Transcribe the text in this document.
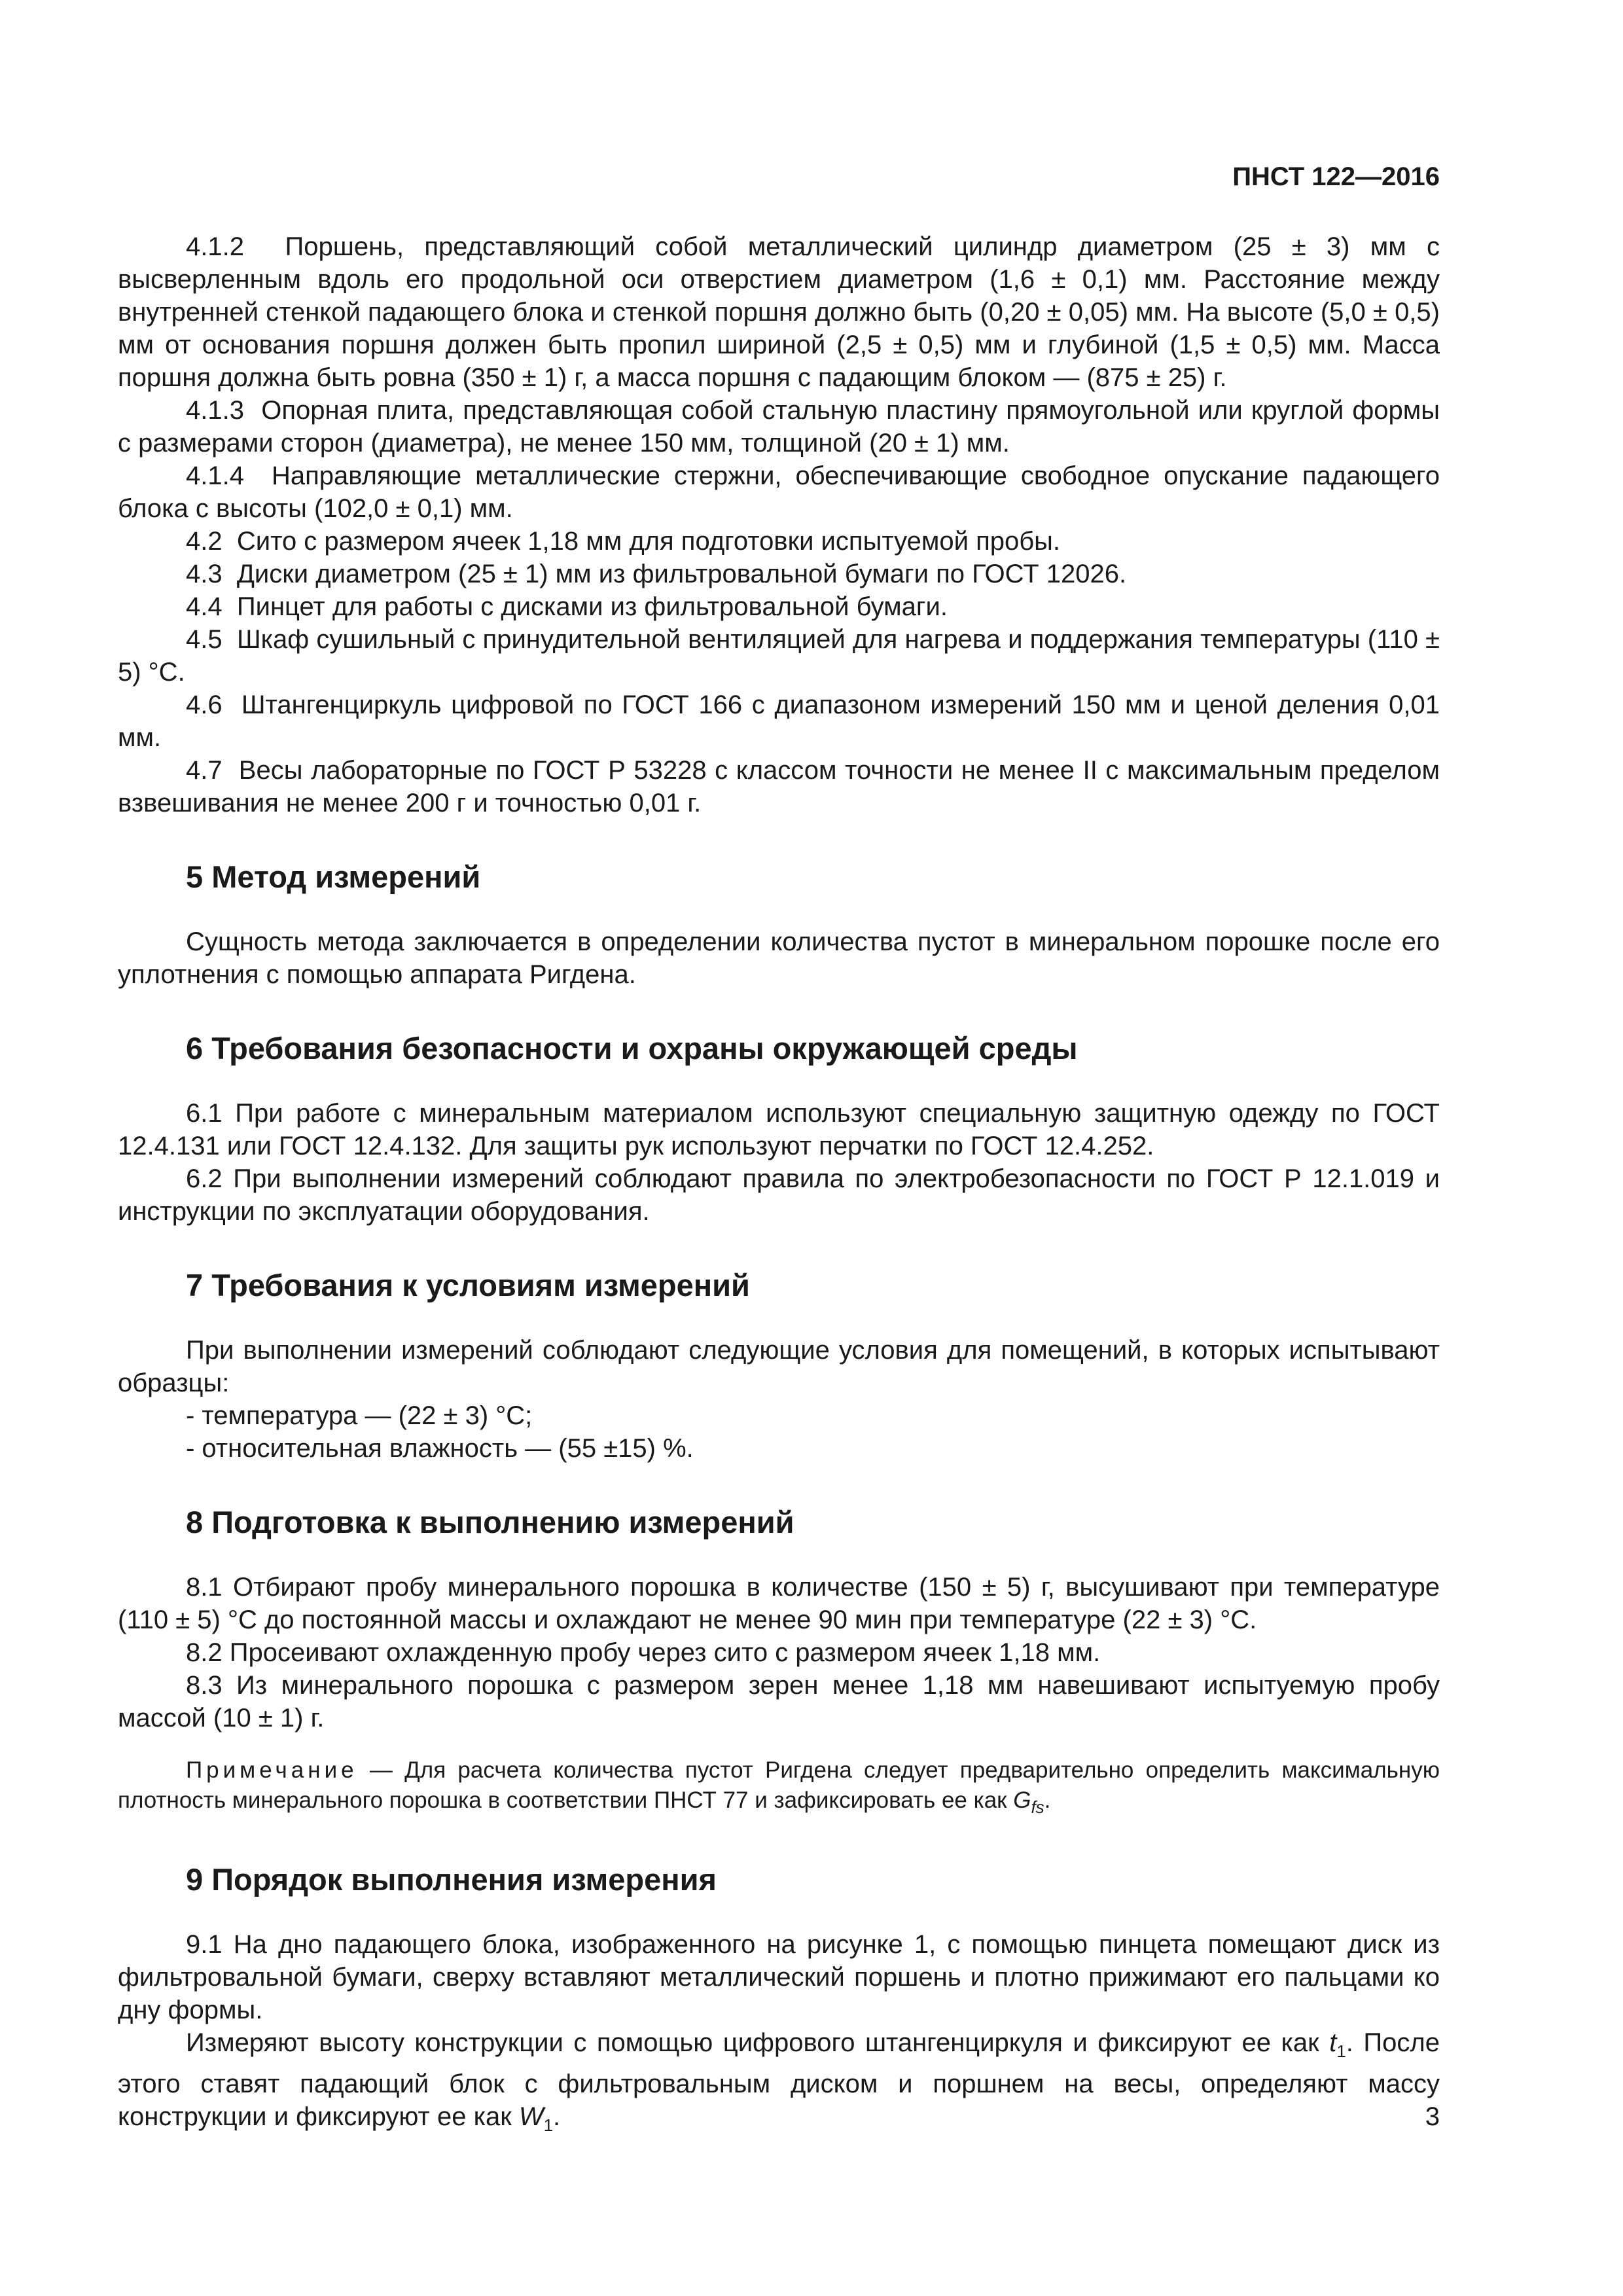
ПНСТ 122—2016

4.1.2 Поршень, представляющий собой металлический цилиндр диаметром (25 ± 3) мм с высверленным вдоль его продольной оси отверстием диаметром (1,6 ± 0,1) мм. Расстояние между внутренней стенкой падающего блока и стенкой поршня должно быть (0,20 ± 0,05) мм. На высоте (5,0 ± 0,5) мм от основания поршня должен быть пропил шириной (2,5 ± 0,5) мм и глубиной (1,5 ± 0,5) мм. Масса поршня должна быть ровна (350 ± 1) г, а масса поршня с падающим блоком — (875 ± 25) г.

4.1.3 Опорная плита, представляющая собой стальную пластину прямоугольной или круглой формы с размерами сторон (диаметра), не менее 150 мм, толщиной (20 ± 1) мм.

4.1.4 Направляющие металлические стержни, обеспечивающие свободное опускание падающего блока с высоты (102,0 ± 0,1) мм.

4.2 Сито с размером ячеек 1,18 мм для подготовки испытуемой пробы.

4.3 Диски диаметром (25 ± 1) мм из фильтровальной бумаги по ГОСТ 12026.

4.4 Пинцет для работы с дисками из фильтровальной бумаги.

4.5 Шкаф сушильный с принудительной вентиляцией для нагрева и поддержания температуры (110 ± 5) °С.

4.6 Штангенциркуль цифровой по ГОСТ 166 с диапазоном измерений 150 мм и ценой деления 0,01 мм.

4.7 Весы лабораторные по ГОСТ Р 53228 с классом точности не менее II с максимальным пределом взвешивания не менее 200 г и точностью 0,01 г.

5 Метод измерений

Сущность метода заключается в определении количества пустот в минеральном порошке после его уплотнения с помощью аппарата Ригдена.

6 Требования безопасности и охраны окружающей среды

6.1 При работе с минеральным материалом используют специальную защитную одежду по ГОСТ 12.4.131 или ГОСТ 12.4.132. Для защиты рук используют перчатки по ГОСТ 12.4.252.

6.2 При выполнении измерений соблюдают правила по электробезопасности по ГОСТ Р 12.1.019 и инструкции по эксплуатации оборудования.

7 Требования к условиям измерений

При выполнении измерений соблюдают следующие условия для помещений, в которых испытывают образцы:

- температура — (22 ± 3) °С;

- относительная влажность — (55 ±15) %.

8 Подготовка к выполнению измерений

8.1 Отбирают пробу минерального порошка в количестве (150 ± 5) г, высушивают при температуре (110 ± 5) °С до постоянной массы и охлаждают не менее 90 мин при температуре (22 ± 3) °С.

8.2 Просеивают охлажденную пробу через сито с размером ячеек 1,18 мм.

8.3 Из минерального порошка с размером зерен менее 1,18 мм навешивают испытуемую пробу массой (10 ± 1) г.

Примечание — Для расчета количества пустот Ригдена следует предварительно определить максимальную плотность минерального порошка в соответствии ПНСТ 77 и зафиксировать ее как $G_{fs}$.

9 Порядок выполнения измерения

9.1 На дно падающего блока, изображенного на рисунке 1, с помощью пинцета помещают диск из фильтровальной бумаги, сверху вставляют металлический поршень и плотно прижимают его пальцами ко дну формы.

Измеряют высоту конструкции с помощью цифрового штангенциркуля и фиксируют ее как $t_1$. После этого ставят падающий блок с фильтровальным диском и поршнем на весы, определяют массу конструкции и фиксируют ее как $W_1$.	3
